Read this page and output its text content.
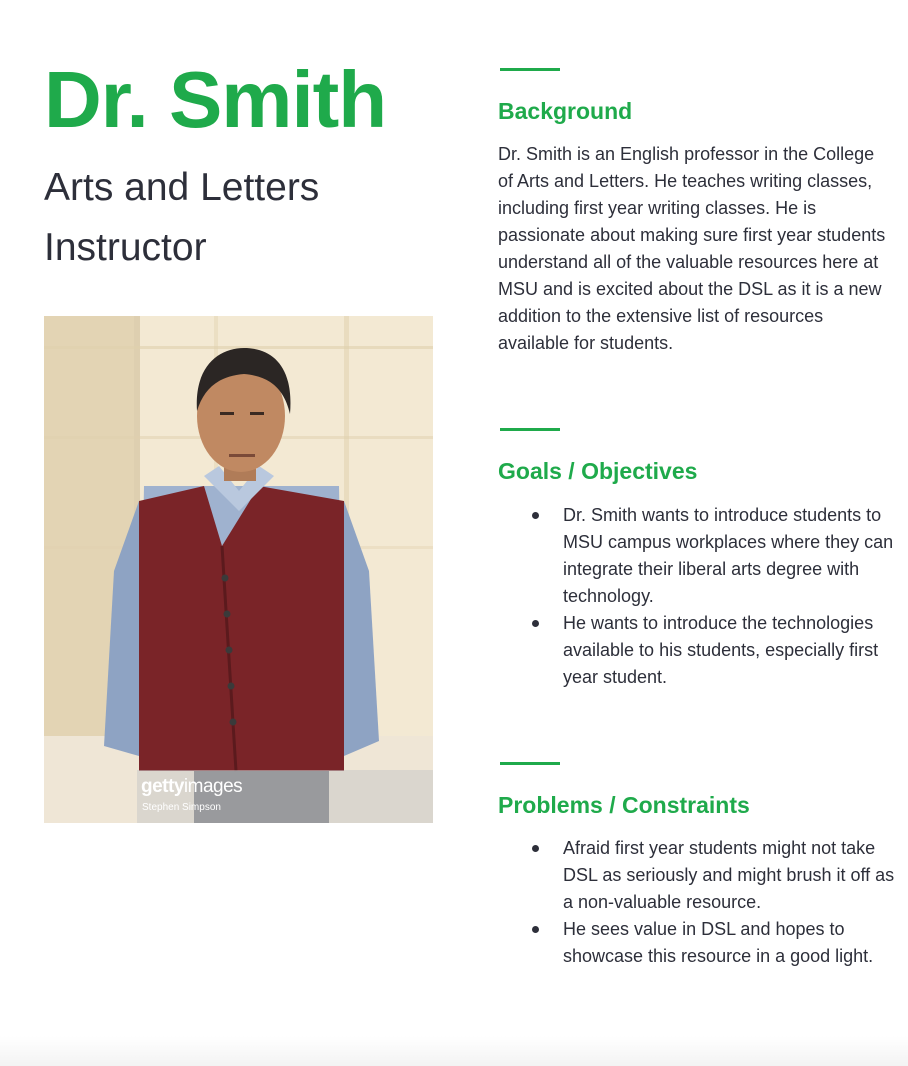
Dr. Smith
Arts and Letters
Instructor
gettyimages
Stephen Simpson
Background
Dr. Smith is an English professor in the College of Arts and Letters. He teaches writing classes, including first year writing classes. He is passionate about making sure first year students understand all of the valuable resources here at MSU and is excited about the DSL as it is a new addition to the extensive list of resources available for students.
Goals / Objectives
Dr. Smith wants to introduce students to MSU campus workplaces where they can integrate their liberal arts degree with technology.
He wants to introduce the technologies available to his students, especially first year student.
Problems / Constraints
Afraid first year students might not take DSL as seriously and might brush it off as a non-valuable resource.
He sees value in DSL and hopes to showcase this resource in a good light.
